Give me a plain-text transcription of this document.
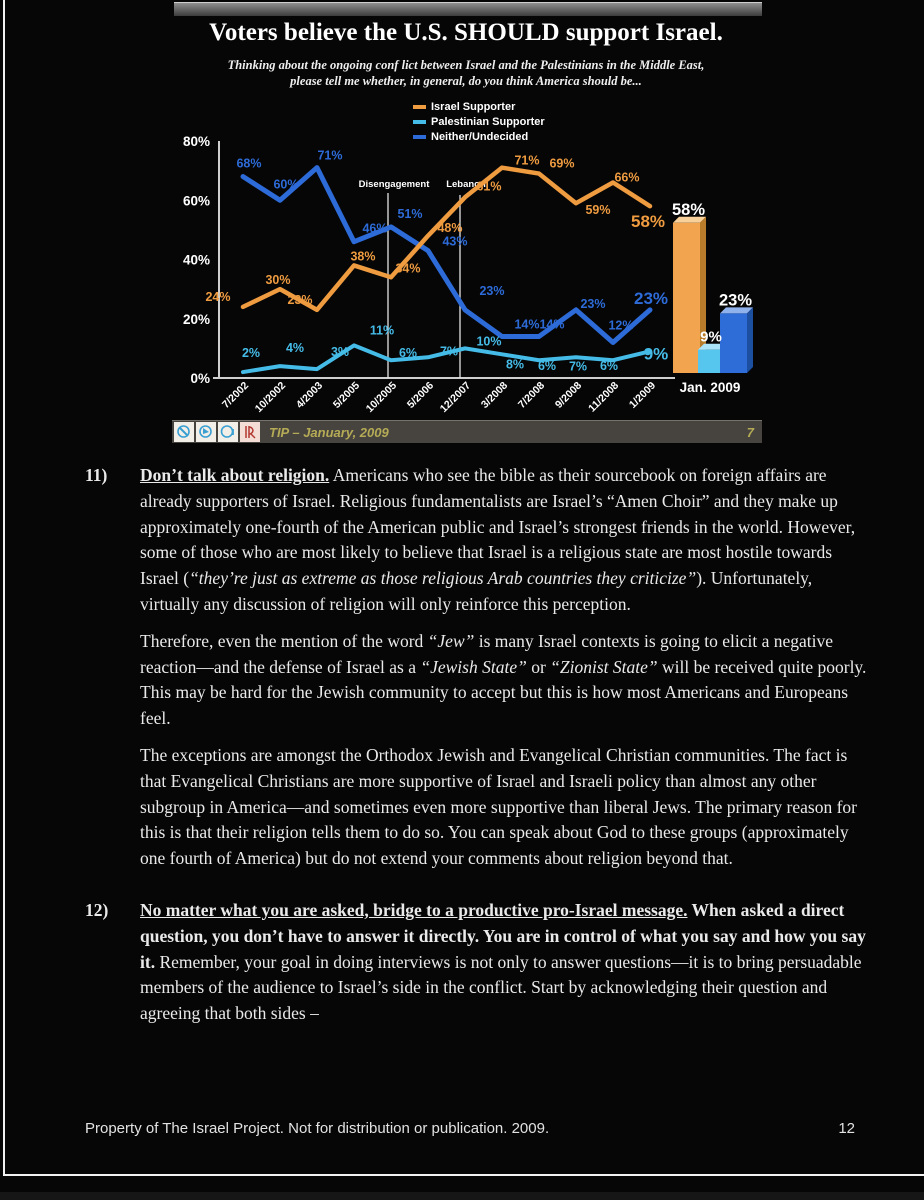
Voters believe the U.S. SHOULD support Israel.
Thinking about the ongoing conf lict between Israel and the Palestinians in the Middle East,
please tell me whether, in general, do you think America should be...
Israel Supporter
Palestinian Supporter
Neither/Undecided
0%
20%
40%
60%
80%
7/2002 10/2002 4/2003 5/2005 10/2005 5/2006 12/2007 3/2008 7/2008 9/2008 11/2008 1/2009
Disengagement Lebanon
24%
30%
23%
38%
34%
48%
61%
71% 69%
59%
66%
58%
2% 4% 3%
11%
6% 7%
10%
8% 6% 7% 6%
9%
68%
60%
71%
46%
51%
43%
23%
14% 14%
23%
12%
23%
58%
9%
23%
Jan. 2009
TIP – January, 2009	7
11)	Don’t talk about religion. Americans who see the bible as their sourcebook on foreign affairs are already supporters of Israel. Religious fundamentalists are Israel’s “Amen Choir” and they make up approximately one-fourth of the American public and Israel’s strongest friends in the world. However, some of those who are most likely to believe that Israel is a religious state are most hostile towards Israel (“they’re just as extreme as those religious Arab countries they criticize”). Unfortunately, virtually any discussion of religion will only reinforce this perception.

Therefore, even the mention of the word “Jew” is many Israel contexts is going to elicit a negative reaction—and the defense of Israel as a “Jewish State” or “Zionist State” will be received quite poorly. This may be hard for the Jewish community to accept but this is how most Americans and Europeans feel.

The exceptions are amongst the Orthodox Jewish and Evangelical Christian communities. The fact is that Evangelical Christians are more supportive of Israel and Israeli policy than almost any other subgroup in America—and sometimes even more supportive than liberal Jews. The primary reason for this is that their religion tells them to do so. You can speak about God to these groups (approximately one fourth of America) but do not extend your comments about religion beyond that.

12)	No matter what you are asked, bridge to a productive pro-Israel message. When asked a direct question, you don’t have to answer it directly. You are in control of what you say and how you say it. Remember, your goal in doing interviews is not only to answer questions—it is to bring persuadable members of the audience to Israel’s side in the conflict. Start by acknowledging their question and agreeing that both sides –

Property of The Israel Project. Not for distribution or publication. 2009.	12
